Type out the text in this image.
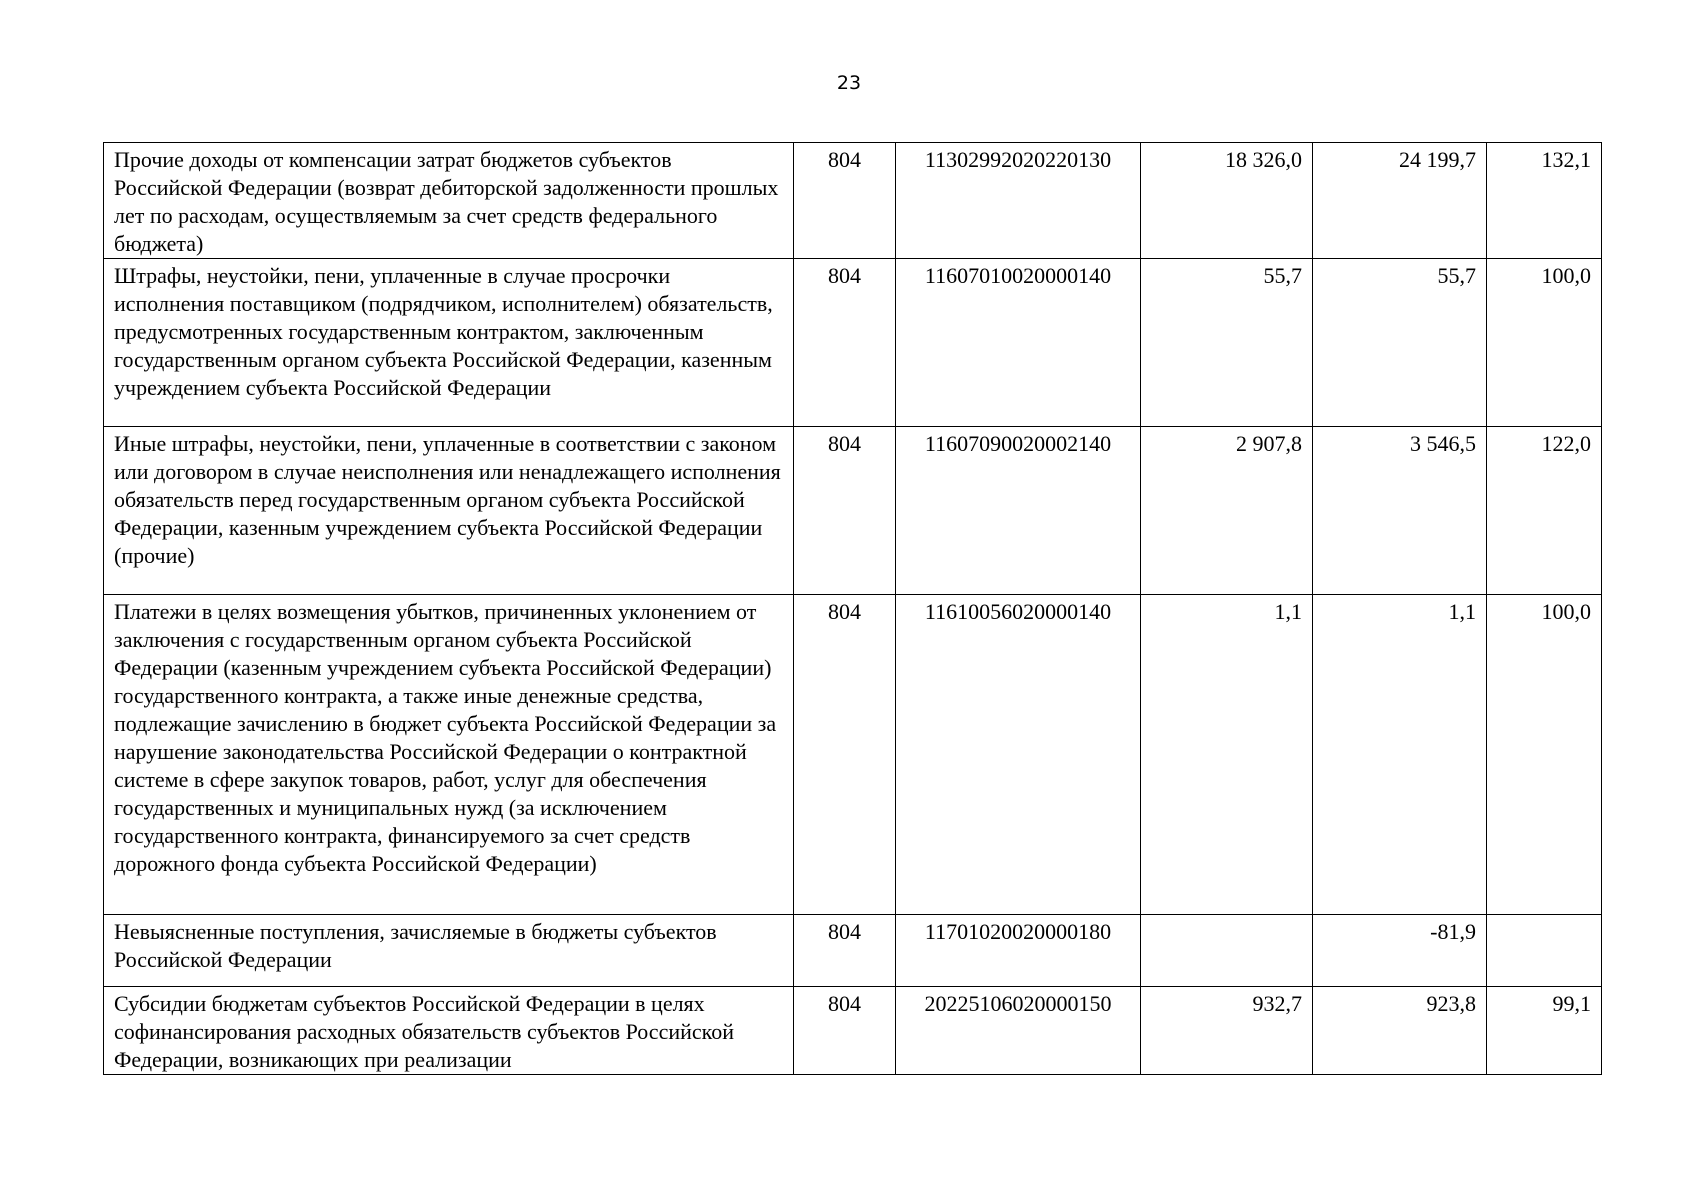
23
Прочие доходы от компенсации затрат бюджетов субъектов Российской Федерации (возврат дебиторской задолженности прошлых лет по расходам, осуществляемым за счет средств федерального бюджета)	804	11302992020220130	18 326,0	24 199,7	132,1
Штрафы, неустойки, пени, уплаченные в случае просрочки исполнения поставщиком (подрядчиком, исполнителем) обязательств, предусмотренных государственным контрактом, заключенным государственным органом субъекта Российской Федерации, казенным учреждением субъекта Российской Федерации	804	11607010020000140	55,7	55,7	100,0
Иные штрафы, неустойки, пени, уплаченные в соответствии с законом или договором в случае неисполнения или ненадлежащего исполнения обязательств перед государственным органом субъекта Российской Федерации, казенным учреждением субъекта Российской Федерации (прочие)	804	11607090020002140	2 907,8	3 546,5	122,0
Платежи в целях возмещения убытков, причиненных уклонением от заключения с государственным органом субъекта Российской Федерации (казенным учреждением субъекта Российской Федерации) государственного контракта, а также иные денежные средства, подлежащие зачислению в бюджет субъекта Российской Федерации за нарушение законодательства Российской Федерации о контрактной системе в сфере закупок товаров, работ, услуг для обеспечения государственных и муниципальных нужд (за исключением государственного контракта, финансируемого за счет средств дорожного фонда субъекта Российской Федерации)	804	11610056020000140	1,1	1,1	100,0
Невыясненные поступления, зачисляемые в бюджеты субъектов Российской Федерации	804	11701020020000180		-81,9	
Субсидии бюджетам субъектов Российской Федерации в целях софинансирования расходных обязательств субъектов Российской Федерации, возникающих при реализации	804	20225106020000150	932,7	923,8	99,1
